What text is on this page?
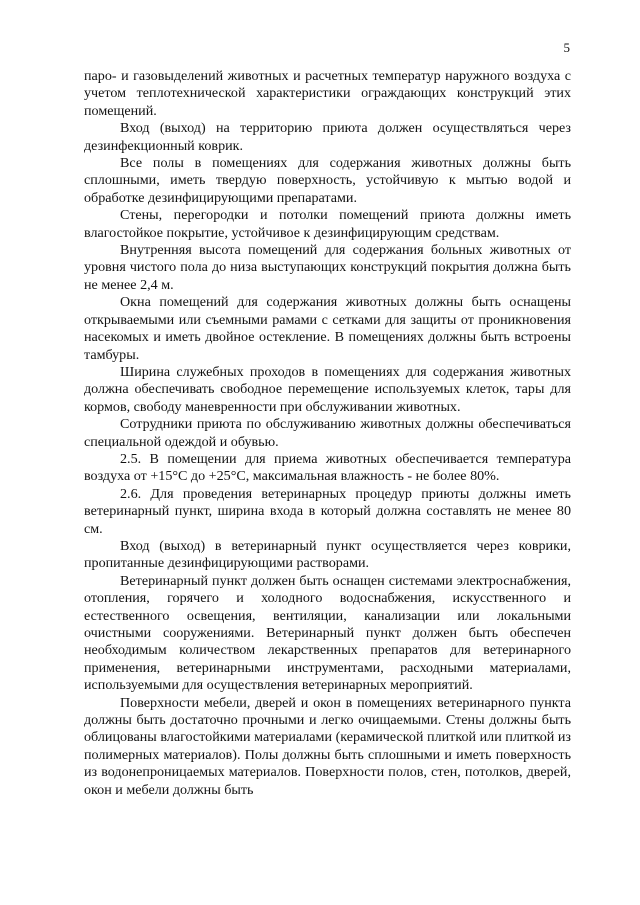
5

паро- и газовыделений животных и расчетных температур наружного воздуха с учетом теплотехнической характеристики ограждающих конструкций этих помещений.

Вход (выход) на территорию приюта должен осуществляться через дезинфекционный коврик.

Все полы в помещениях для содержания животных должны быть сплошными, иметь твердую поверхность, устойчивую к мытью водой и обработке дезинфицирующими препаратами.

Стены, перегородки и потолки помещений приюта должны иметь влагостойкое покрытие, устойчивое к дезинфицирующим средствам.

Внутренняя высота помещений для содержания больных животных от уровня чистого пола до низа выступающих конструкций покрытия должна быть не менее 2,4 м.

Окна помещений для содержания животных должны быть оснащены открываемыми или съемными рамами с сетками для защиты от проникновения насекомых и иметь двойное остекление. В помещениях должны быть встроены тамбуры.

Ширина служебных проходов в помещениях для содержания животных должна обеспечивать свободное перемещение используемых клеток, тары для кормов, свободу маневренности при обслуживании животных.

Сотрудники приюта по обслуживанию животных должны обеспечиваться специальной одеждой и обувью.

2.5. В помещении для приема животных обеспечивается температура воздуха от +15°С до +25°С, максимальная влажность - не более 80%.

2.6. Для проведения ветеринарных процедур приюты должны иметь ветеринарный пункт, ширина входа в который должна составлять не менее 80 см.

Вход (выход) в ветеринарный пункт осуществляется через коврики, пропитанные дезинфицирующими растворами.

Ветеринарный пункт должен быть оснащен системами электроснабжения, отопления, горячего и холодного водоснабжения, искусственного и естественного освещения, вентиляции, канализации или локальными очистными сооружениями. Ветеринарный пункт должен быть обеспечен необходимым количеством лекарственных препаратов для ветеринарного применения, ветеринарными инструментами, расходными материалами, используемыми для осуществления ветеринарных мероприятий.

Поверхности мебели, дверей и окон в помещениях ветеринарного пункта должны быть достаточно прочными и легко очищаемыми. Стены должны быть облицованы влагостойкими материалами (керамической плиткой или плиткой из полимерных материалов). Полы должны быть сплошными и иметь поверхность из водонепроницаемых материалов. Поверхности полов, стен, потолков, дверей, окон и мебели должны быть
